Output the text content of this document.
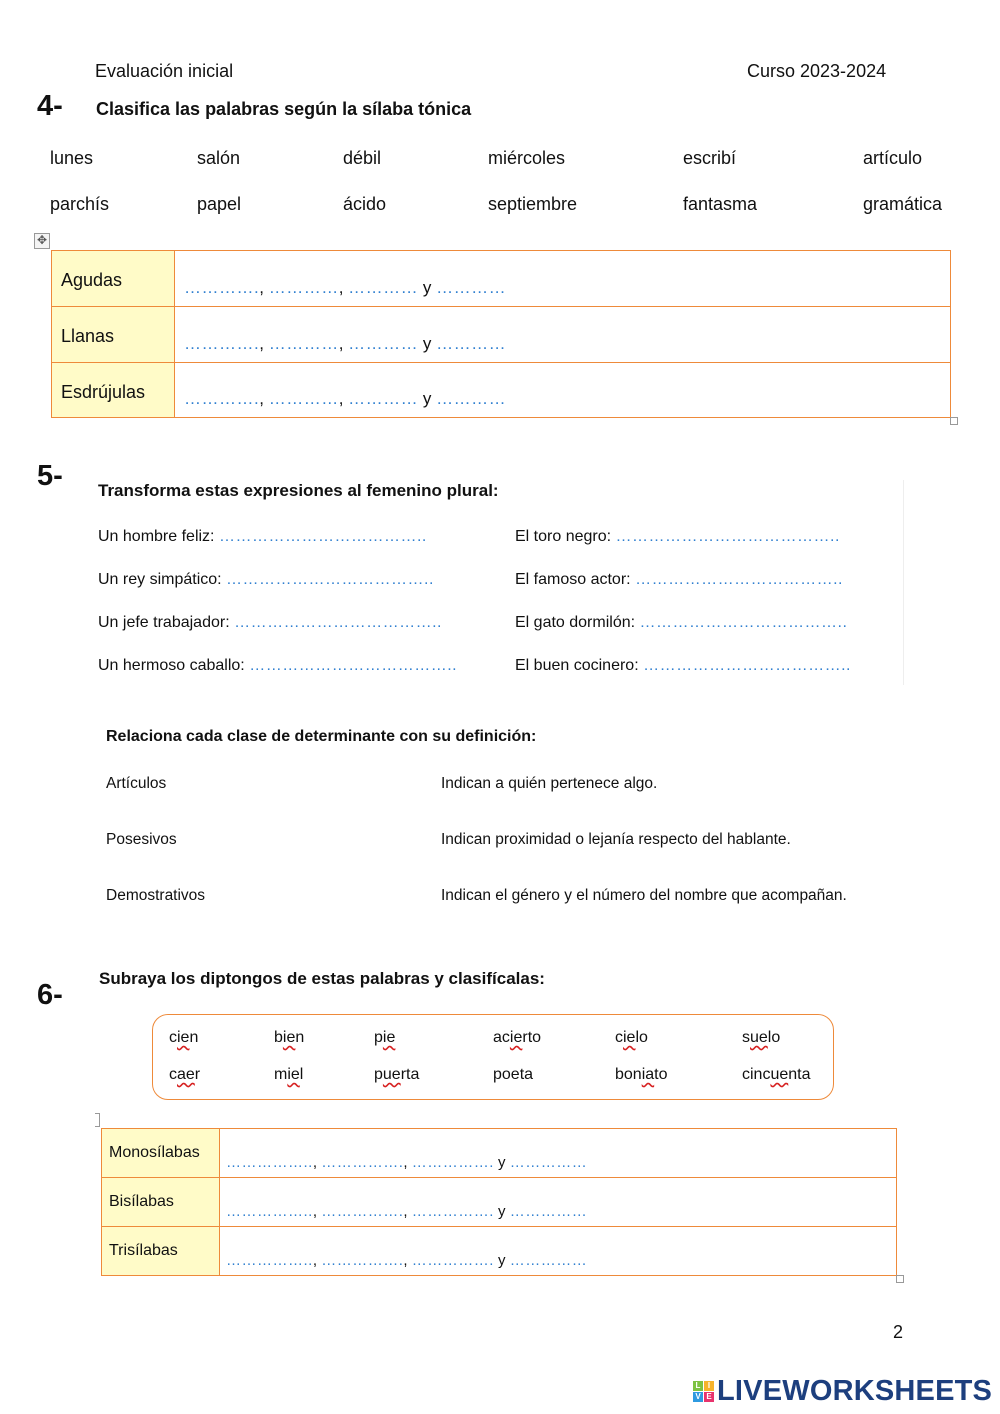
Evaluación inicial	Curso 2023-2024
4- Clasifica las palabras según la sílaba tónica
lunes	salón	débil	miércoles	escribí	artículo
parchís	papel	ácido	septiembre	fantasma	gramática
✥
Agudas	…………., …………, ………… y …………
Llanas	…………., …………, ………… y …………
Esdrújulas	…………., …………, ………… y …………
5- Transforma estas expresiones al femenino plural:
Un hombre feliz: ………………………………..
Un rey simpático: ………………………………..
Un jefe trabajador: ………………………………..
Un hermoso caballo: ………………………………..
El toro negro: …………………………………..
El famoso actor: ………………………………..
El gato dormilón: ………………………………..
El buen cocinero: ………………………………..
Relaciona cada clase de determinante con su definición:
Artículos	Indican a quién pertenece algo.
Posesivos	Indican proximidad o lejanía respecto del hablante.
Demostrativos	Indican el género y el número del nombre que acompañan.
Subraya los diptongos de estas palabras y clasifícalas:
6-
cien	bien	pie	acierto	cielo	suelo
caer	miel	puerta	poeta	boniato	cincuenta
Monosílabas	…………….., ……………., ……………. y ……………
Bisílabas	…………….., ……………., ……………. y ……………
Trisílabas	…………….., ……………., ……………. y ……………
2
L I
V E LIVEWORKSHEETS
